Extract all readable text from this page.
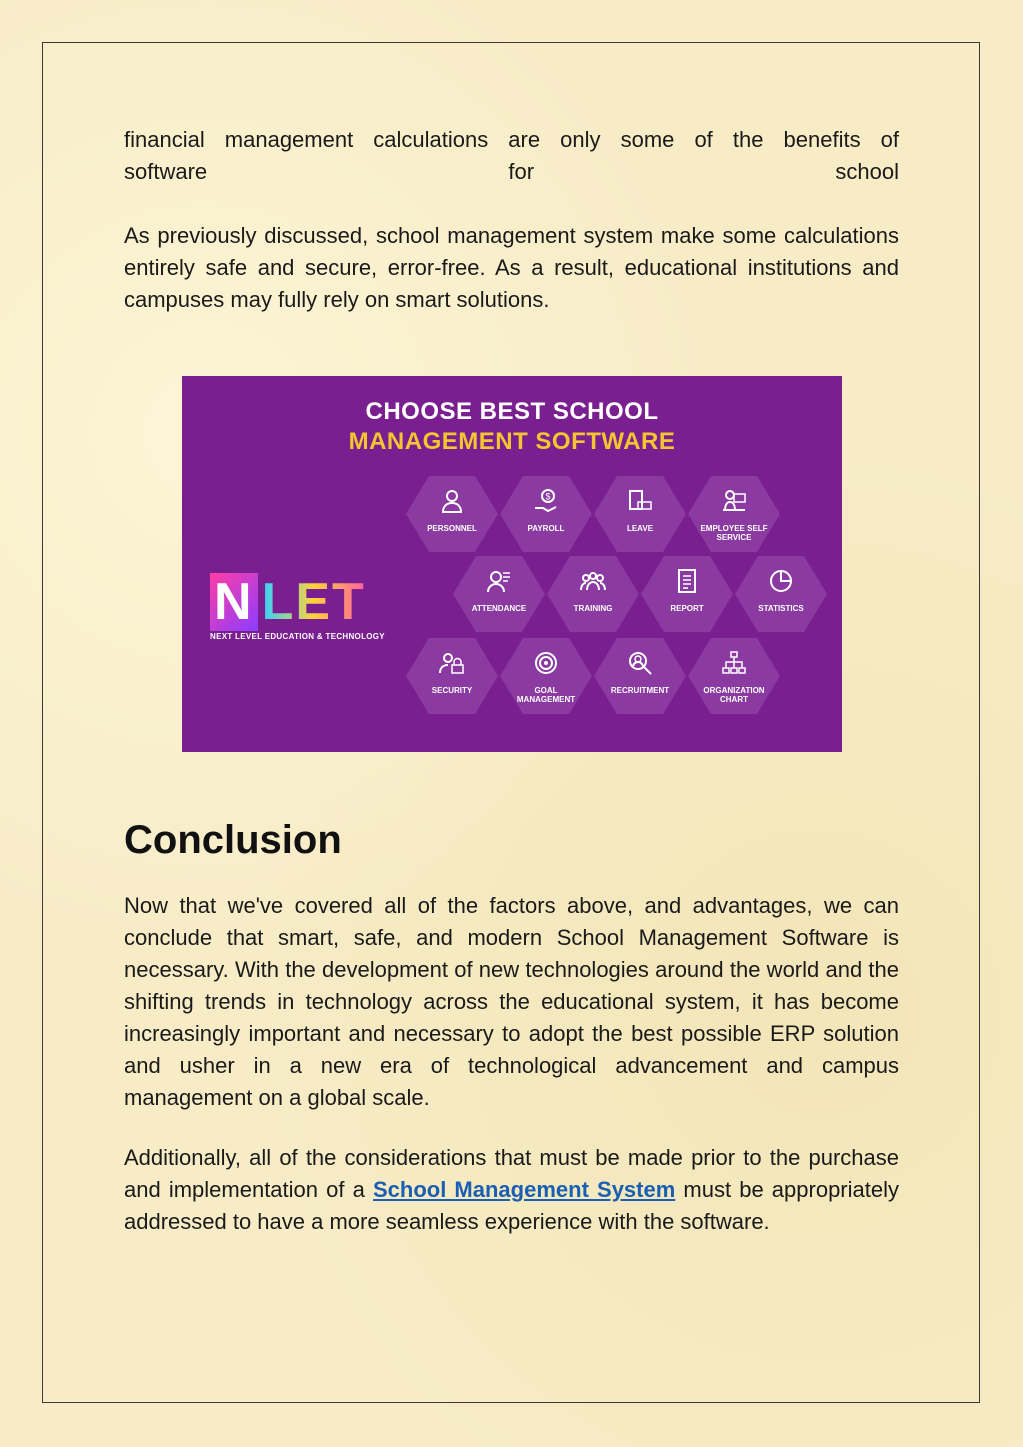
financial management calculations are only some of the benefits of

software for school

As previously discussed, school management system make some calculations entirely safe and secure, error-free. As a result, educational institutions and campuses may fully rely on smart solutions.

CHOOSE BEST SCHOOL
MANAGEMENT SOFTWARE
N LET
NEXT LEVEL EDUCATION & TECHNOLOGY
PERSONNEL
$
PAYROLL	LEAVE	EMPLOYEE SELF SERVICE
ATTENDANCE	TRAINING	REPORT	STATISTICS
SECURITY	GOAL MANAGEMENT
RECRUITMENT	ORGANIZATION CHART
Conclusion

Now that we've covered all of the factors above, and advantages, we can conclude that smart, safe, and modern School Management Software is necessary. With the development of new technologies around the world and the shifting trends in technology across the educational system, it has become increasingly important and necessary to adopt the best possible ERP solution and usher in a new era of technological advancement and campus management on a global scale.

Additionally, all of the considerations that must be made prior to the purchase and implementation of a School Management System must be appropriately addressed to have a more seamless experience with the software.
